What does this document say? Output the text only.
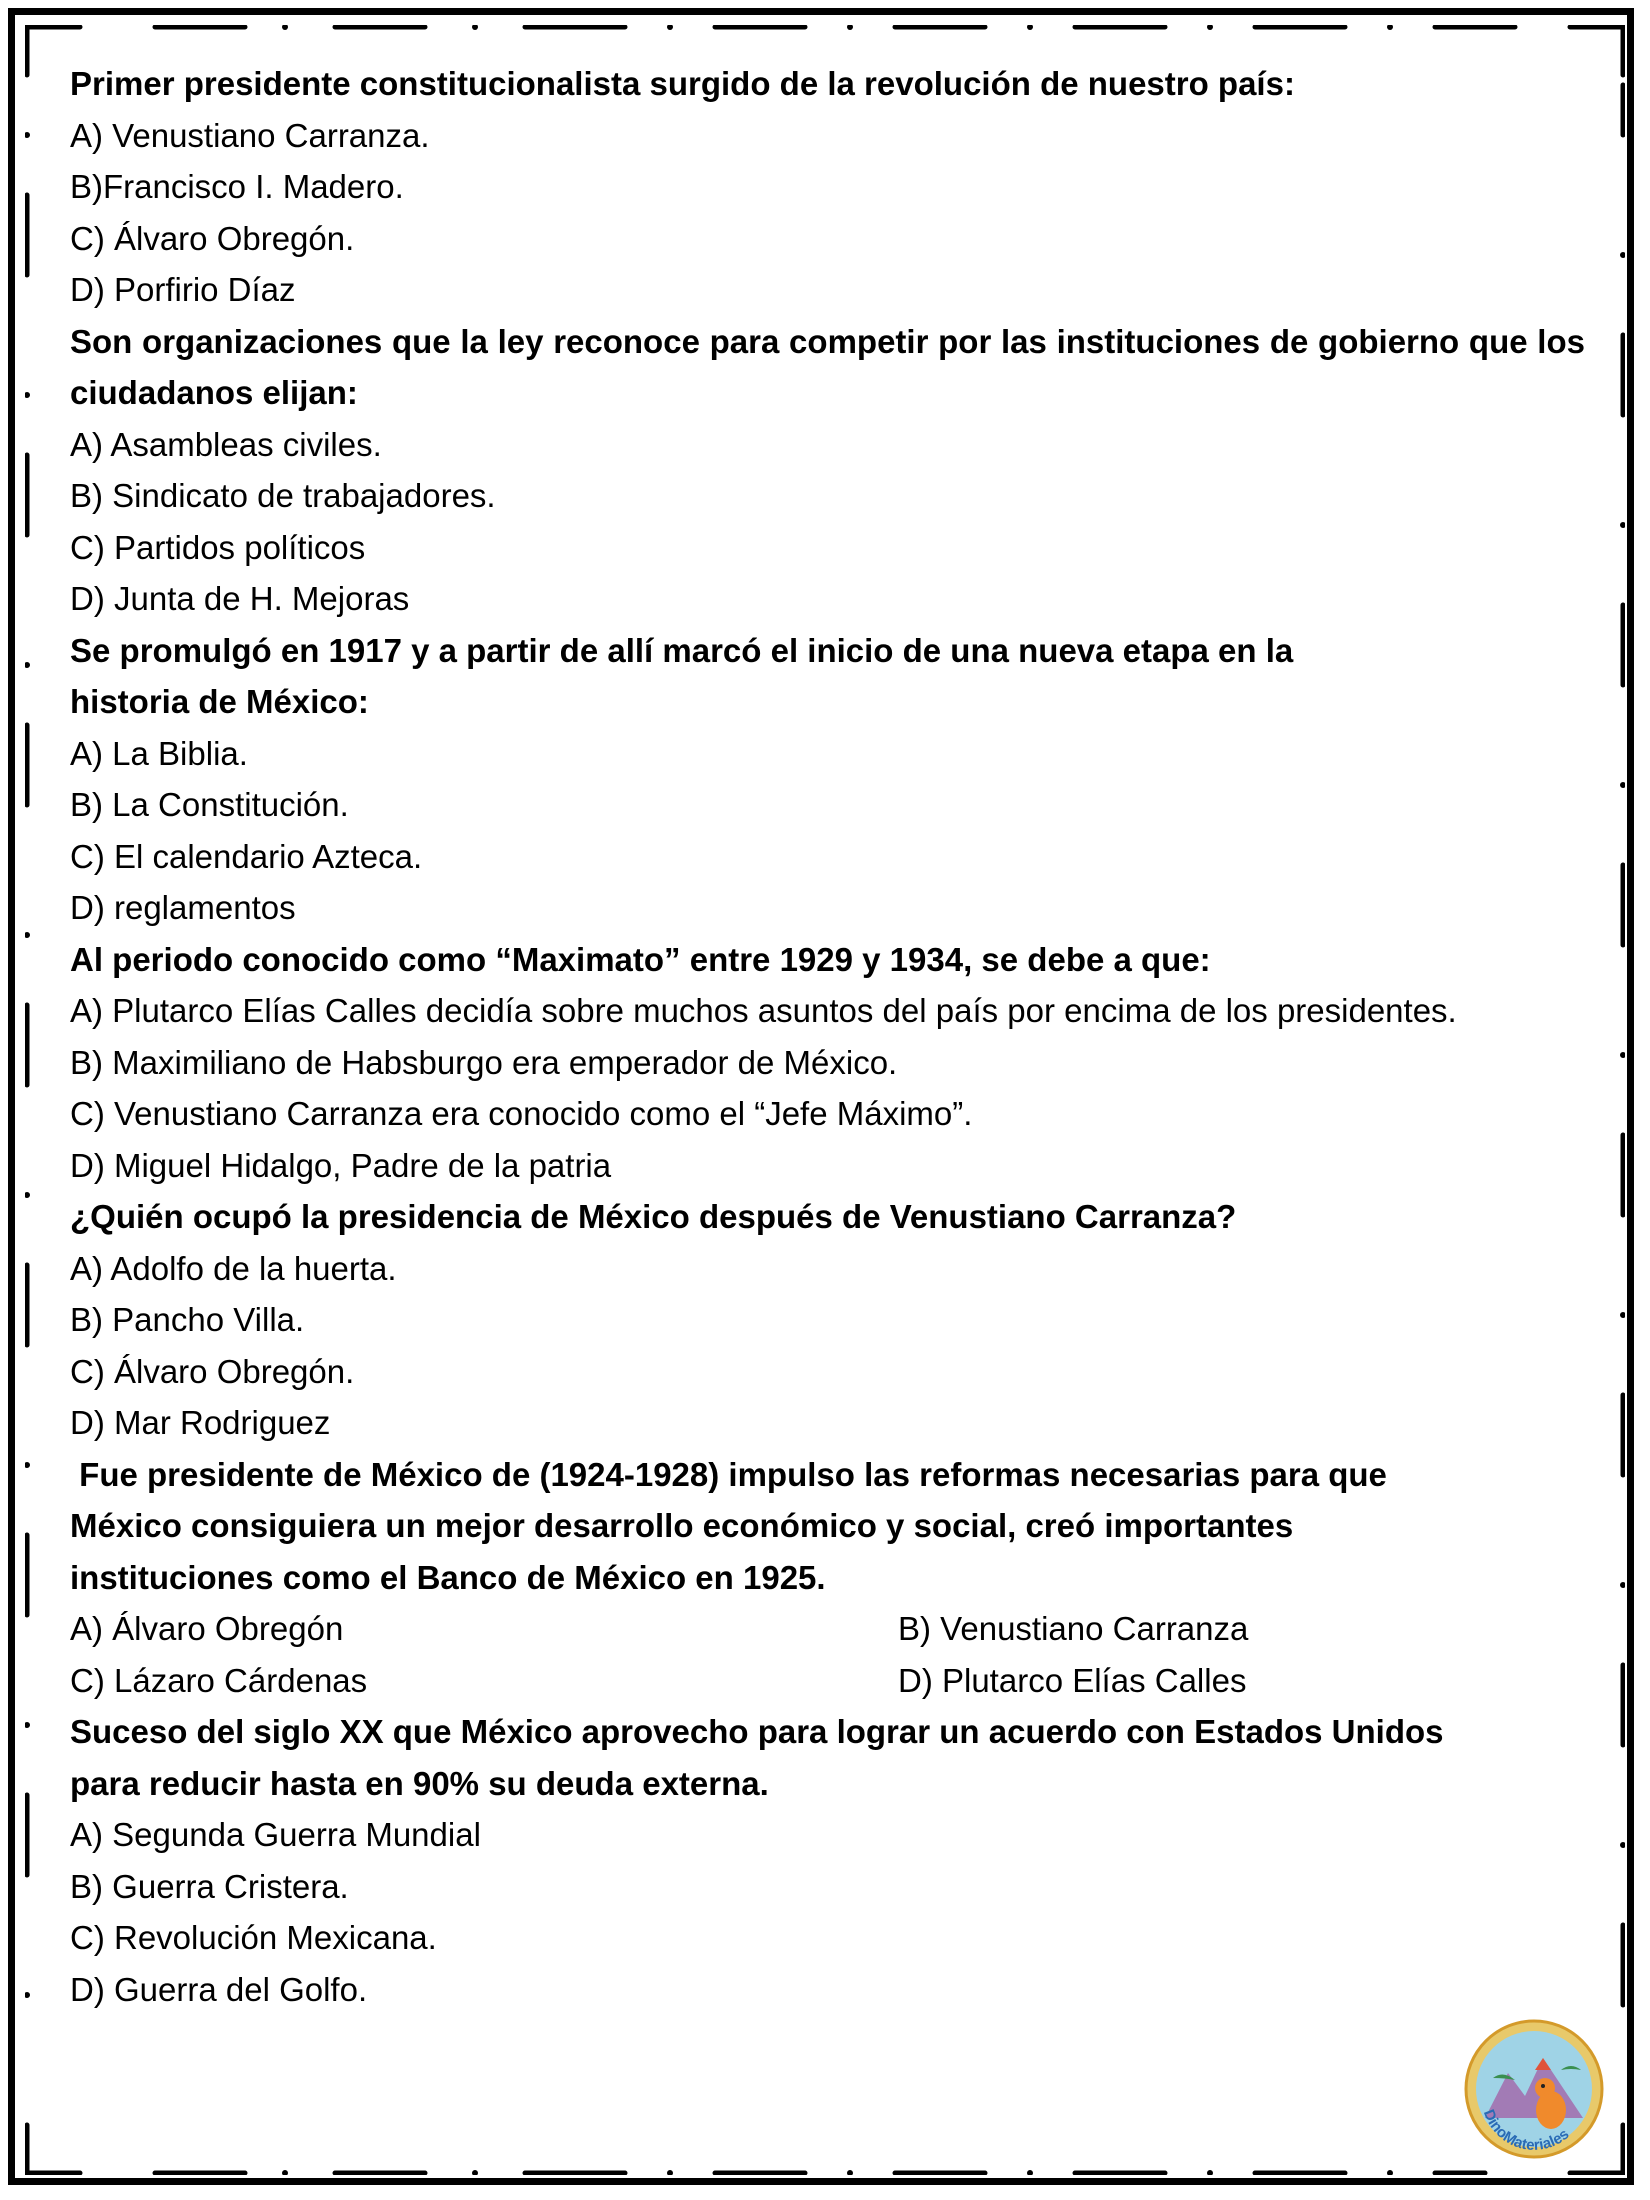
Primer presidente constitucionalista surgido de la revolución de nuestro país:
A) Venustiano Carranza.
B)Francisco I. Madero.
C) Álvaro Obregón.
D) Porfirio Díaz
Son organizaciones que la ley reconoce para competir por las instituciones de gobierno que los ciudadanos elijan:
A) Asambleas civiles.
B) Sindicato de trabajadores.
C) Partidos políticos
D) Junta de H. Mejoras
Se promulgó en 1917 y a partir de allí marcó el inicio de una nueva etapa en la
historia de México:
A) La Biblia.
B) La Constitución.
C) El calendario Azteca.
D) reglamentos
Al periodo conocido como “Maximato” entre 1929 y 1934, se debe a que:
A) Plutarco Elías Calles decidía sobre muchos asuntos del país por encima de los presidentes.
B) Maximiliano de Habsburgo era emperador de México.
C) Venustiano Carranza era conocido como el “Jefe Máximo”.
D) Miguel Hidalgo, Padre de la patria
¿Quién ocupó la presidencia de México después de Venustiano Carranza?
A) Adolfo de la huerta.
B) Pancho Villa.
C) Álvaro Obregón.
D) Mar Rodriguez
Fue presidente de México de (1924-1928) impulso las reformas necesarias para que
México consiguiera un mejor desarrollo económico y social, creó importantes
instituciones como el Banco de México en 1925.
A) Álvaro Obregón	B) Venustiano Carranza
C) Lázaro Cárdenas	D) Plutarco Elías Calles
Suceso del siglo XX que México aprovecho para lograr un acuerdo con Estados Unidos
para reducir hasta en 90% su deuda externa.
A) Segunda Guerra Mundial
B) Guerra Cristera.
C) Revolución Mexicana.
D) Guerra del Golfo.
DinoMateriales
